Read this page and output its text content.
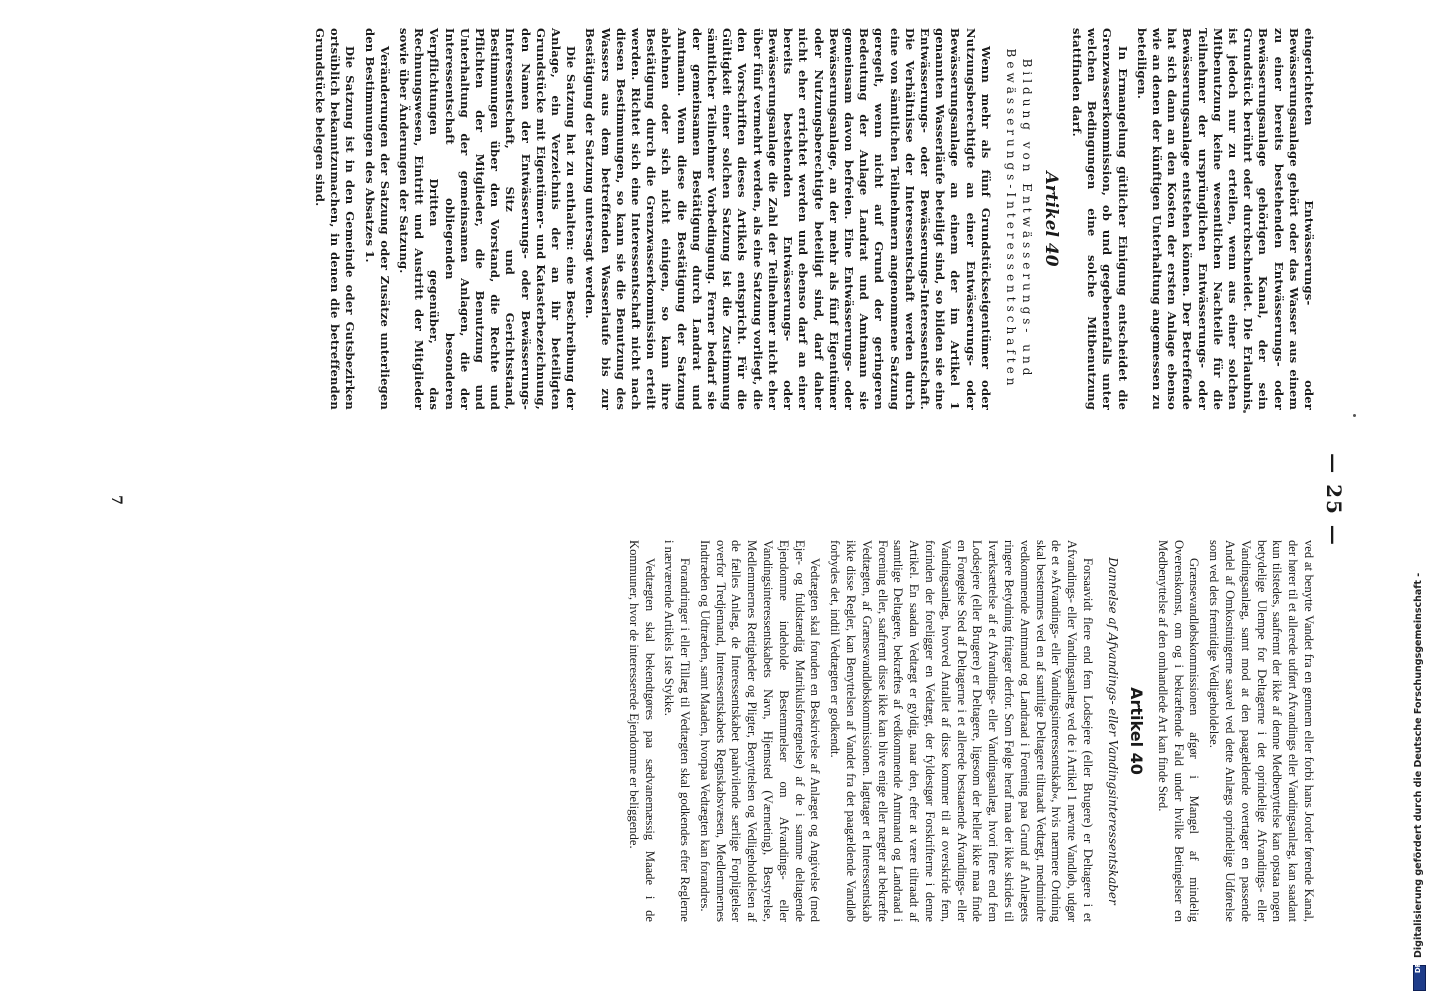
— 25 —

eingerichteten Entwässerungs- oder Bewässerungsanlage gehört oder das Wasser aus einem zu einer bereits bestehenden Entwässerungs- oder Bewässerungsanlage gehörigen Kanal, der sein Grundstück berührt oder durchschneidet. Die Erlaubnis ist jedoch nur zu erteilen, wenn aus einer solchen Mitbenutzung keine wesentlichen Nachteile für die Teilnehmer der ursprünglichen Entwässerungs- oder Bewässerungsanlage entstehen können. Der Betreffende hat sich dann an den Kosten der ersten Anlage ebenso wie an denen der künftigen Unterhaltung angemessen zu beteiligen.

In Ermangelung gütlicher Einigung entscheidet die Grenzwasserkommission, ob und gegebenenfalls unter welchen Bedingungen eine solche Mitbenutzung stattfinden darf.

Artikel 40
Bildung von Entwässerungs- und Bewässerungs-Interessentschaften

Wenn mehr als fünf Grundstückseigentümer oder Nutzungsberechtigte an einer Entwässerungs- oder Bewässerungsanlage an einem der im Artikel 1 genannten Wasserläufe beteiligt sind, so bilden sie eine Entwässerungs- oder Bewässerungs-Interessentschaft. Die Verhältnisse der Interessentschaft werden durch eine von sämtlichen Teilnehmern angenommene Satzung geregelt, wenn nicht auf Grund der geringeren Bedeutung der Anlage Landrat und Amtmann sie gemeinsam davon befreien. Eine Entwässerungs- oder Bewässerungsanlage, an der mehr als fünf Eigentümer oder Nutzungsberechtigte beteiligt sind, darf daher nicht eher errichtet werden und ebenso darf an einer bereits bestehenden Entwässerungs- oder Bewässerungsanlage die Zahl der Teilnehmer nicht eher über fünf vermehrt werden, als eine Satzung vorliegt, die den Vorschriften dieses Artikels entspricht. Für die Gültigkeit einer solchen Satzung ist die Zustimmung sämtlicher Teilnehmer Vorbedingung. Ferner bedarf sie der gemeinsamen Bestätigung durch Landrat und Amtmann. Wenn diese die Bestätigung der Satzung ablehnen oder sich nicht einigen, so kann ihre Bestätigung durch die Grenzwasserkommission erteilt werden. Richtet sich eine Interessentschaft nicht nach diesen Bestimmungen, so kann sie die Benutzung des Wassers aus dem betreffenden Wasserlaufe bis zur Bestätigung der Satzung untersagt werden.

Die Satzung hat zu enthalten: eine Beschreibung der Anlage, ein Verzeichnis der an ihr beteiligten Grundstücke mit Eigentümer- und Katasterbezeichnung, den Namen der Entwässerungs- oder Bewässerungs-Interessentschaft, Sitz und Gerichtsstand, Bestimmungen über den Vorstand, die Rechte und Pflichten der Mitglieder, die Benutzung und Unterhaltung der gemeinsamen Anlagen, die der Interessentschaft obliegenden besonderen Verpflichtungen Dritten gegenüber, das Rechnungswesen, Eintritt und Austritt der Mitglieder sowie über Änderungen der Satzung.

Veränderungen der Satzung oder Zusätze unterliegen den Bestimmungen des Absatzes 1.

Die Satzung ist in den Gemeinde oder Gutsbezirken ortsüblich bekanntzumachen, in denen die betreffenden Grundstücke belegen sind.

ved at benytte Vandet fra en gennem eller forbi hans Jorder førende Kanal, der hører til et allerede udført Afvandings eller Vandingsanlæg, kan saadant kun tilstedes, saafremt der ikke af denne Medbenyttelse kan opstaa nogen betydelige Ulempe for Deltagerne i det oprindelige Afvandings- eller Vandingsanlæg, samt mod at den paagældende overtager en passende Andel af Omkostningerne saavel ved dette Anlægs oprindelige Udførelse som ved dets fremtidige Vedligeholdelse.

Grænsevandløbskommissionen afgør i Mangel af mindelig Overenskomst, om og i bekræftende Fald under hvilke Betingelser en Medbenyttelse af den omhandlede Art kan finde Sted.

Artikel 40
Dannelse af Afvandings- eller Vandingsinteressentskaber

Forsaavidt flere end fem Lodsejere (eller Brugere) er Deltagere i et Afvandings- eller Vandingsanlæg ved de i Artikel 1 nævnte Vandløb, udgør de et »Afvandings- eller Vandingsinteressentskab«, hvis nærmere Ordning skal bestemmes ved en af samtlige Deltagere tiltraadt Vedtægt, medmindre vedkommende Amtmand og Landraad i Forening paa Grund af Anlægets ringere Betydning fritager derfor. Som Følge heraf maa der ikke skrides til Iværksættelse af et Afvandings- eller Vandingsanlæg, hvori flere end fem Lodsejere (eller Brugere) er Deltagere, ligesom der heller ikke maa finde en Forøgelse Sted af Deltagerne i et allerede bestaaende Afvandings- eller Vandingsanlæg, hvorved Antallet af disse kommer til at overskride fem, forinden der foreligger en Vedtægt, der fyldestgør Forskrifterne i denne Artikel. En saadan Vedtægt er gyldig, naar den, efter at være tiltraadt af samtlige Deltagere, bekræftes af vedkommende Amtmand og Landraad i Forening eller, saafremt disse ikke kan blive enige eller nægter at bekræfte Vedtægten, af Grænsevandløbskommissionen. Iagttager et Interessentskab ikke disse Regler, kan Benyttelsen af Vandet fra det paagældende Vandløb forbydes det, indtil Vedtægten er godkendt.

Vedtægten skal foruden en Beskrivelse af Anlæget og Angivelse (med Ejer- og fuldstændig Matrikulsfortegnelse) af de i samme deltagende Ejendomme indeholde Bestemmelser om Afvandings- eller Vandingsinteressentskabets Navn, Hjemsted (Værneting), Bestyrelse, Medlemmernes Rettigheder og Pligter, Benyttelsen og Vedligeholdelsen af de fælles Anlæg, de Interessentskabet paahvilende særlige Forpligtelser overfor Tredjemand, Interessentskabets Regnskabsvæsen, Medlemmernes Indtræden og Udtræden, samt Maaden, hvorpaa Vedtægten kan forandres.

Forandringer i eller Tillæg til Vedtægten skal godkendes efter Reglerne i nærværende Artikels 1ste Stykke.

Vedtægten skal bekendtgøres paa sædvanemæssig Maade i de Kommuner, hvor de interesserede Ejendomme er beliggende.

7
DFG
Digitalisierung gefördert durch die Deutsche Forschungsgemeinschaft -
